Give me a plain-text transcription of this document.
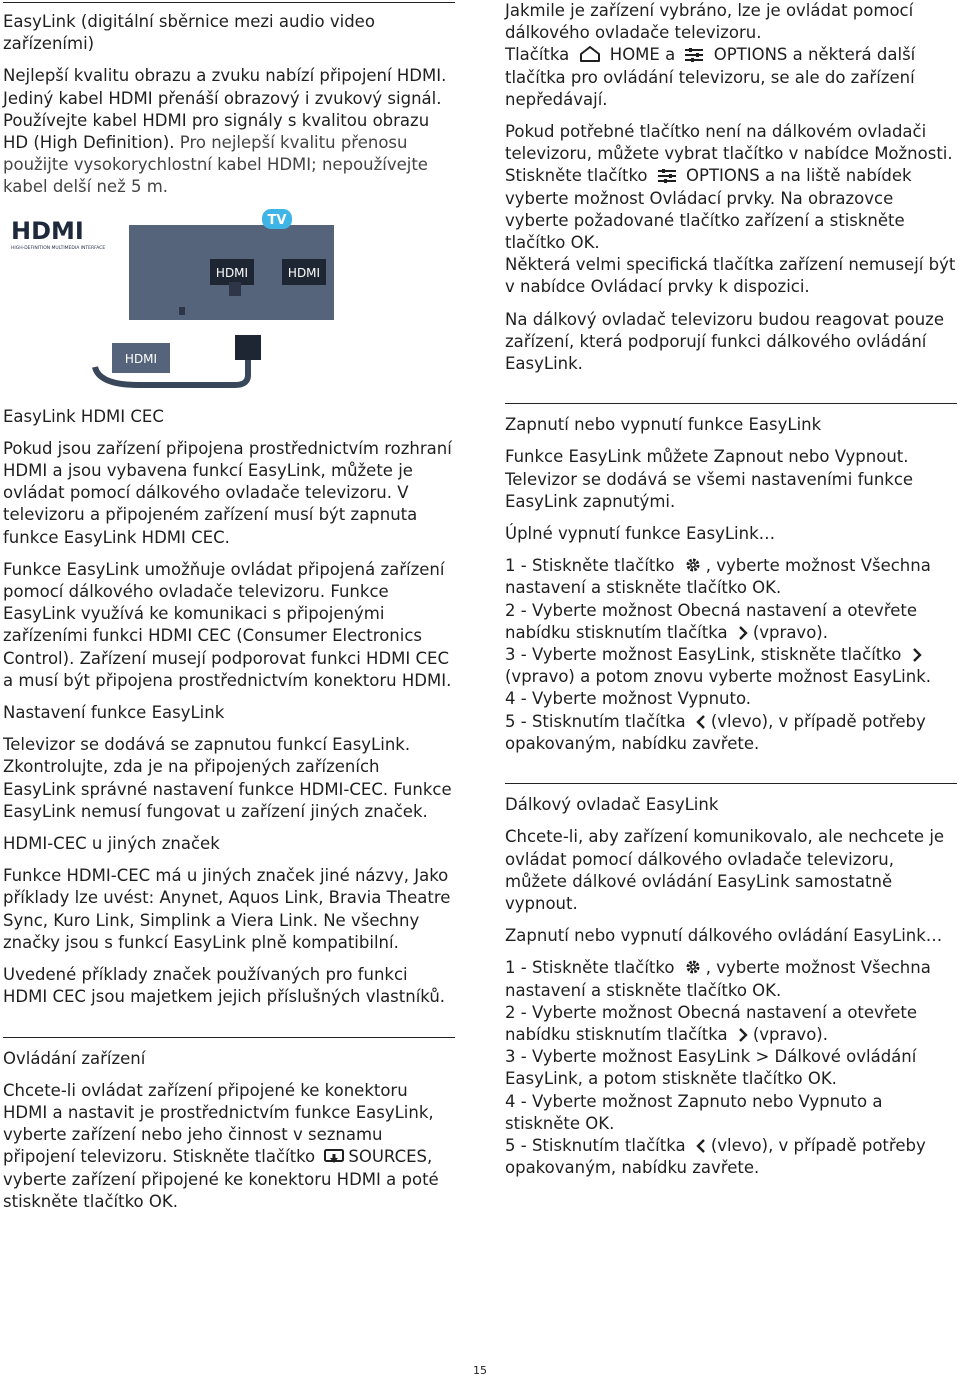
EasyLink (digitální sběrnice mezi audio video zařízeními)

Nejlepší kvalitu obrazu a zvuku nabízí připojení HDMI. Jediný kabel HDMI přenáší obrazový i zvukový signál. Používejte kabel HDMI pro signály s kvalitou obrazu HD (High Definition). Pro nejlepší kvalitu přenosu použijte vysokorychlostní kabel HDMI; nepoužívejte kabel delší než 5 m.

HDMI
HIGH-DEFINITION MULTIMEDIA INTERFACE
TV
HDMI	HDMI
HDMI
EasyLink HDMI CEC

Pokud jsou zařízení připojena prostřednictvím rozhraní HDMI a jsou vybavena funkcí EasyLink, můžete je ovládat pomocí dálkového ovladače televizoru. V televizoru a připojeném zařízení musí být zapnuta funkce EasyLink HDMI CEC.

Funkce EasyLink umožňuje ovládat připojená zařízení pomocí dálkového ovladače televizoru. Funkce EasyLink využívá ke komunikaci s připojenými zařízeními funkci HDMI CEC (Consumer Electronics Control). Zařízení musejí podporovat funkci HDMI CEC a musí být připojena prostřednictvím konektoru HDMI.

Nastavení funkce EasyLink

Televizor se dodává se zapnutou funkcí EasyLink. Zkontrolujte, zda je na připojených zařízeních EasyLink správné nastavení funkce HDMI-CEC. Funkce EasyLink nemusí fungovat u zařízení jiných značek.

HDMI-CEC u jiných značek

Funkce HDMI-CEC má u jiných značek jiné názvy, Jako příklady lze uvést: Anynet, Aquos Link, Bravia Theatre Sync, Kuro Link, Simplink a Viera Link. Ne všechny značky jsou s funkcí EasyLink plně kompatibilní.

Uvedené příklady značek používaných pro funkci HDMI CEC jsou majetkem jejich příslušných vlastníků.

Ovládání zařízení

Chcete-li ovládat zařízení připojené ke konektoru HDMI a nastavit je prostřednictvím funkce EasyLink, vyberte zařízení nebo jeho činnost v seznamu připojení televizoru. Stiskněte tlačítko SOURCES, vyberte zařízení připojené ke konektoru HDMI a poté stiskněte tlačítko OK.

Jakmile je zařízení vybráno, lze je ovládat pomocí dálkového ovladače televizoru.
Tlačítka HOME a OPTIONS a některá další tlačítka pro ovládání televizoru, se ale do zařízení nepředávají.

Pokud potřebné tlačítko není na dálkovém ovladači televizoru, můžete vybrat tlačítko v nabídce Možnosti.
Stiskněte tlačítko OPTIONS a na liště nabídek vyberte možnost Ovládací prvky. Na obrazovce vyberte požadované tlačítko zařízení a stiskněte tlačítko OK.
Některá velmi specifická tlačítka zařízení nemusejí být v nabídce Ovládací prvky k dispozici.

Na dálkový ovladač televizoru budou reagovat pouze zařízení, která podporují funkci dálkového ovládání EasyLink.

Zapnutí nebo vypnutí funkce EasyLink

Funkce EasyLink můžete Zapnout nebo Vypnout. Televizor se dodává se všemi nastaveními funkce EasyLink zapnutými.

Úplné vypnutí funkce EasyLink…

1 - Stiskněte tlačítko , vyberte možnost Všechna nastavení a stiskněte tlačítko OK.
2 - Vyberte možnost Obecná nastavení a otevřete nabídku stisknutím tlačítka (vpravo).
3 - Vyberte možnost EasyLink, stiskněte tlačítko (vpravo) a potom znovu vyberte možnost EasyLink.
4 - Vyberte možnost Vypnuto.
5 - Stisknutím tlačítka (vlevo), v případě potřeby opakovaným, nabídku zavřete.

Dálkový ovladač EasyLink

Chcete-li, aby zařízení komunikovalo, ale nechcete je ovládat pomocí dálkového ovladače televizoru, můžete dálkové ovládání EasyLink samostatně vypnout.

Zapnutí nebo vypnutí dálkového ovládání EasyLink…

1 - Stiskněte tlačítko , vyberte možnost Všechna nastavení a stiskněte tlačítko OK.
2 - Vyberte možnost Obecná nastavení a otevřete nabídku stisknutím tlačítka (vpravo).
3 - Vyberte možnost EasyLink > Dálkové ovládání EasyLink, a potom stiskněte tlačítko OK.
4 - Vyberte možnost Zapnuto nebo Vypnuto a stiskněte OK.
5 - Stisknutím tlačítka (vlevo), v případě potřeby opakovaným, nabídku zavřete.

15
